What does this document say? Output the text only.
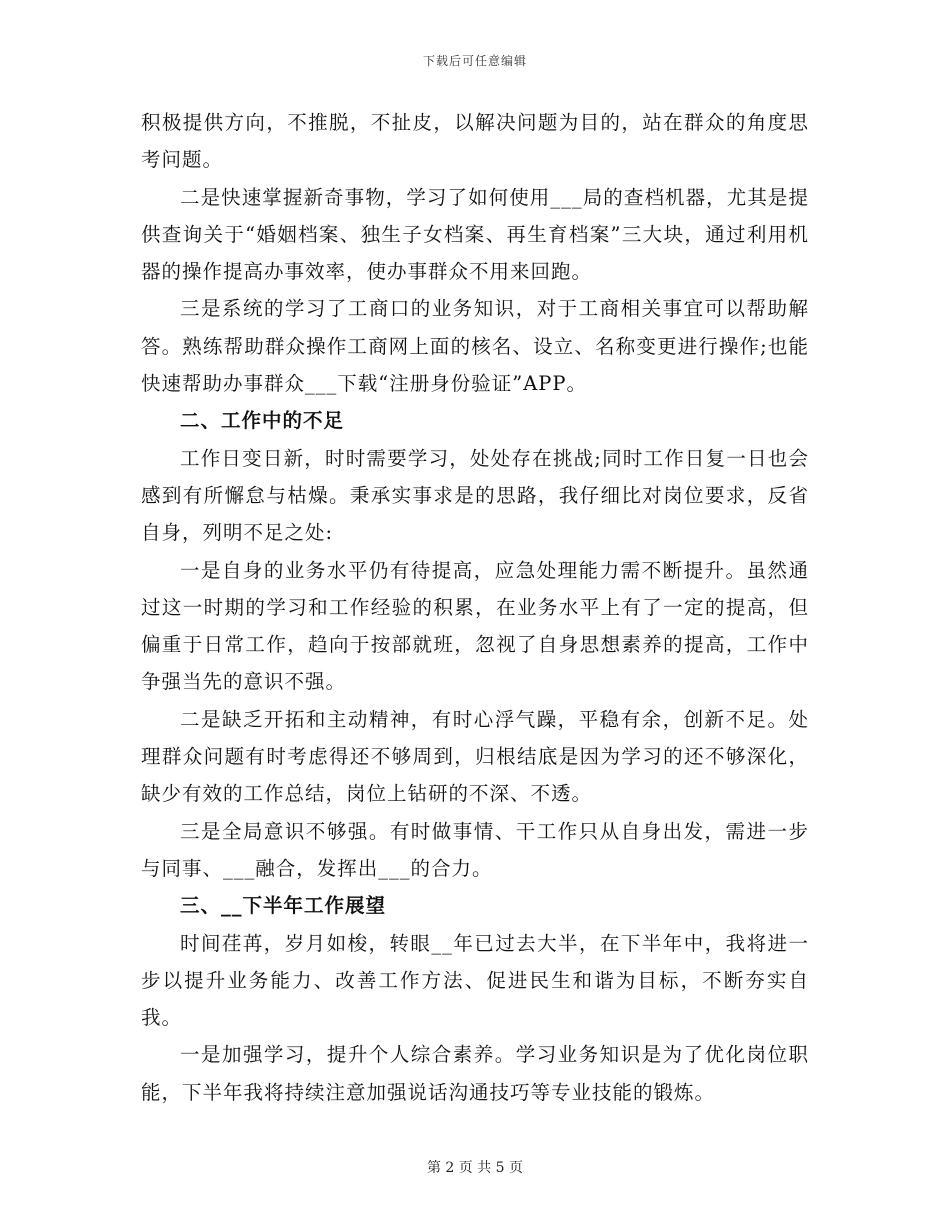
下载后可任意编辑

积极提供方向，不推脱，不扯皮，以解决问题为目的，站在群众的角度思考问题。

二是快速掌握新奇事物，学习了如何使用___局的查档机器，尤其是提供查询关于“婚姻档案、独生子女档案、再生育档案”三大块，通过利用机器的操作提高办事效率，使办事群众不用来回跑。

三是系统的学习了工商口的业务知识，对于工商相关事宜可以帮助解答。熟练帮助群众操作工商网上面的核名、设立、名称变更进行操作;也能快速帮助办事群众___下载“注册身份验证”APP。

二、工作中的不足

工作日变日新，时时需要学习，处处存在挑战;同时工作日复一日也会感到有所懈怠与枯燥。秉承实事求是的思路，我仔细比对岗位要求，反省自身，列明不足之处:

一是自身的业务水平仍有待提高，应急处理能力需不断提升。虽然通过这一时期的学习和工作经验的积累，在业务水平上有了一定的提高，但偏重于日常工作，趋向于按部就班，忽视了自身思想素养的提高，工作中争强当先的意识不强。

二是缺乏开拓和主动精神，有时心浮气躁，平稳有余，创新不足。处理群众问题有时考虑得还不够周到，归根结底是因为学习的还不够深化，缺少有效的工作总结，岗位上钻研的不深、不透。

三是全局意识不够强。有时做事情、干工作只从自身出发，需进一步与同事、___融合，发挥出___的合力。

三、__下半年工作展望

时间荏苒，岁月如梭，转眼__年已过去大半，在下半年中，我将进一步以提升业务能力、改善工作方法、促进民生和谐为目标，不断夯实自我。

一是加强学习，提升个人综合素养。学习业务知识是为了优化岗位职能，下半年我将持续注意加强说话沟通技巧等专业技能的锻炼。

第 2 页 共 5 页
